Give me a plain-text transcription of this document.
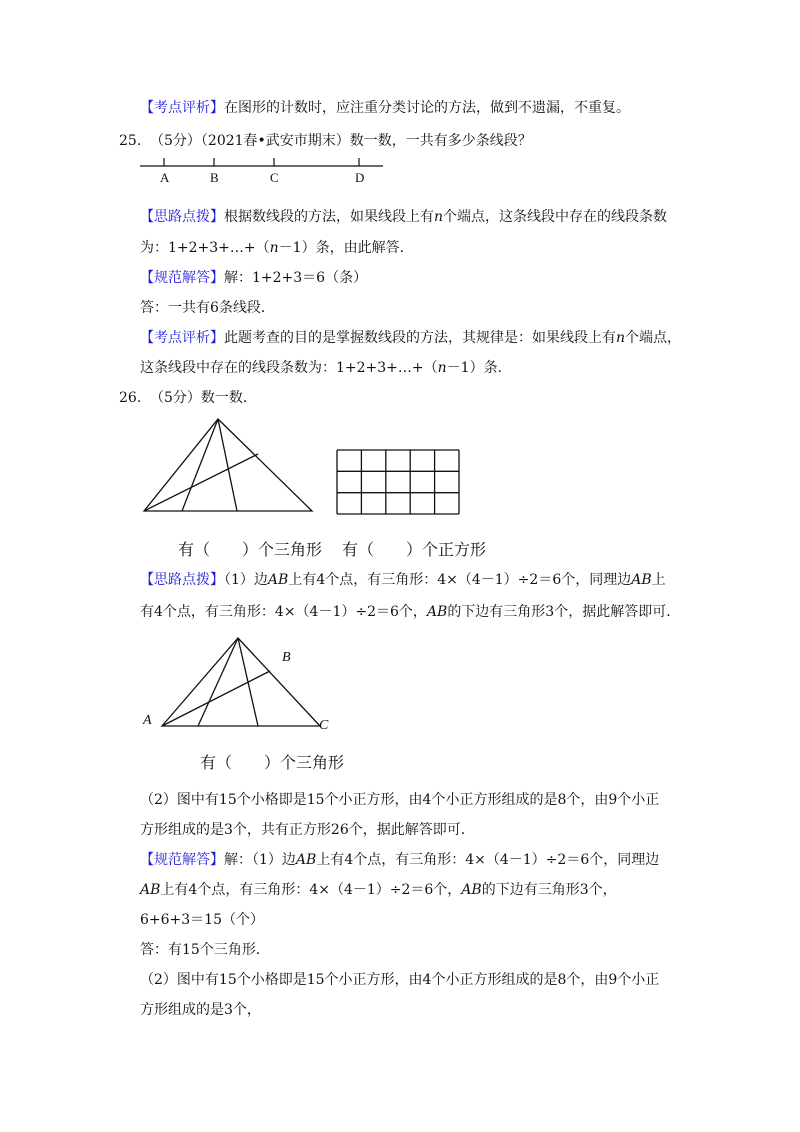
【考点评析】在图形的计数时，应注重分类讨论的方法，做到不遗漏，不重复。
25. （5分）（2021春•武安市期末）数一数，一共有多少条线段？
A	B	C	D
【思路点拨】根据数线段的方法，如果线段上有n个端点，这条线段中存在的线段条数
为：1+2+3+…+（n－1）条，由此解答．
【规范解答】解：1+2+3＝6（条）
答：一共有6条线段．
【考点评析】此题考查的目的是掌握数线段的方法，其规律是：如果线段上有n个端点，
这条线段中存在的线段条数为：1+2+3+…+（n－1）条．
26. （5分）数一数．
有（　　）个三角形 有（　　）个正方形
【思路点拨】（1）边AB上有4个点，有三角形：4×（4－1）÷2＝6个，同理边AB上
有4个点，有三角形：4×（4－1）÷2＝6个，AB的下边有三角形3个，据此解答即可．
A
B
C
有（　　）个三角形
（2）图中有15个小格即是15个小正方形，由4个小正方形组成的是8个，由9个小正
方形组成的是3个，共有正方形26个，据此解答即可．
【规范解答】解：（1）边AB上有4个点，有三角形：4×（4－1）÷2＝6个，同理边
AB上有4个点，有三角形：4×（4－1）÷2＝6个，AB的下边有三角形3个，
6+6+3＝15（个）
答：有15个三角形．
（2）图中有15个小格即是15个小正方形，由4个小正方形组成的是8个，由9个小正
方形组成的是3个，
